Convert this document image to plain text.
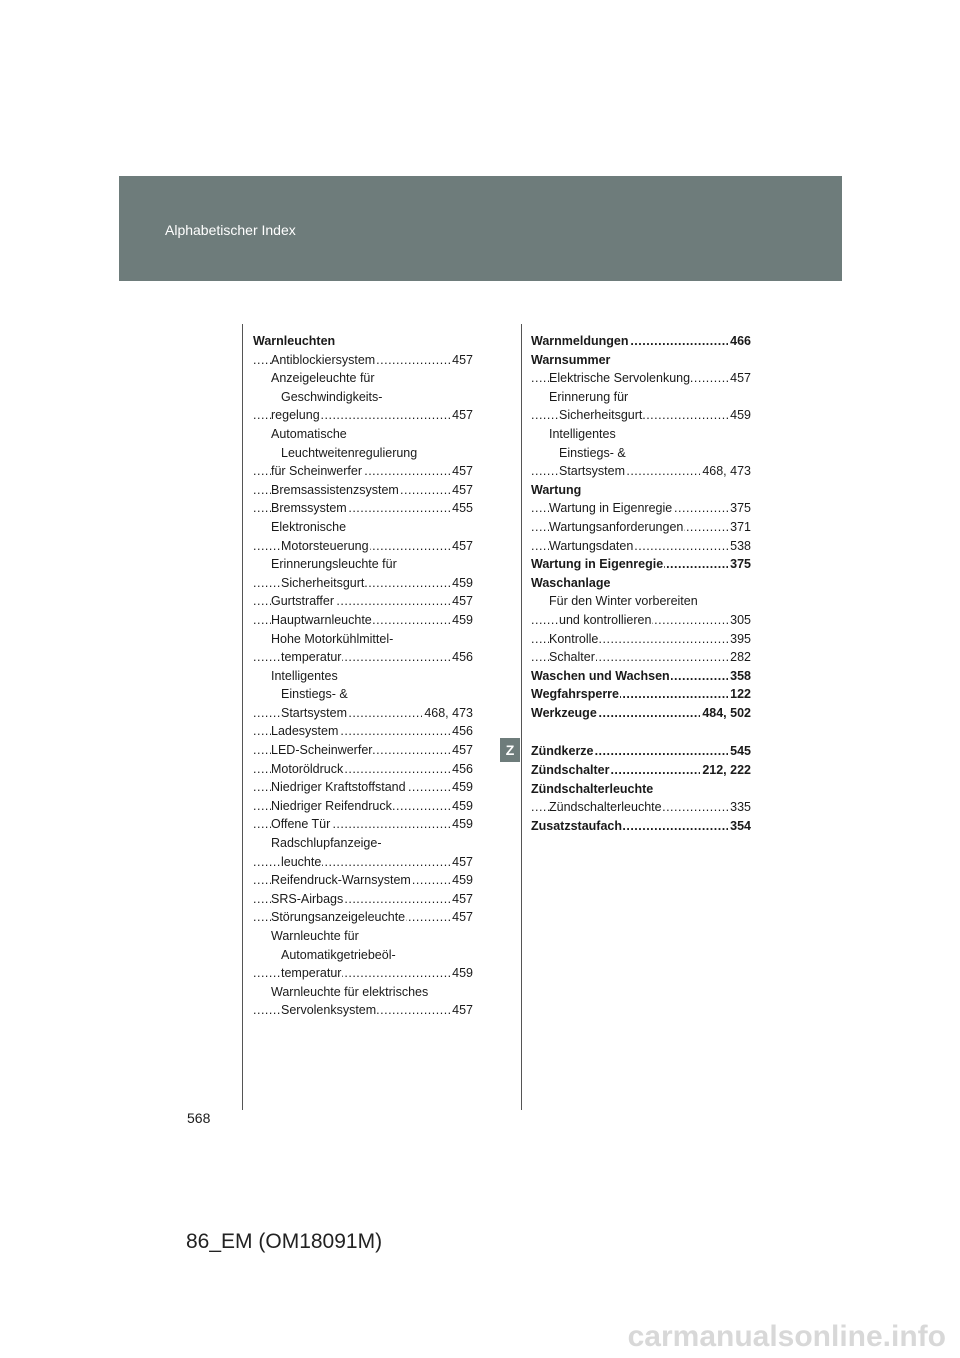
Alphabetischer Index
Warnleuchten
Antiblockiersystem	457
.....
Anzeigeleuchte für
Geschwindigkeits-
regelung	457
.....
Automatische
Leuchtweitenregulierung
für Scheinwerfer	457
.....
Bremsassistenzsystem	457
.....
Bremssystem	455
.....
Elektronische
Motorsteuerung	457
.....
Erinnerungsleuchte für
Sicherheitsgurt	459
.....
Gurtstraffer	457
.....
Hauptwarnleuchte	459
.....
Hohe Motorkühlmittel-
temperatur	456
.....
Intelligentes
Einstiegs- &
Startsystem	468, 473
.....
Ladesystem	456
.....
LED-Scheinwerfer	457
.....
Motoröldruck	456
.....
Niedriger Kraftstoffstand	459
.....
Niedriger Reifendruck	459
.....
Offene Tür	459
.....
Radschlupfanzeige-
leuchte	457
.....
Reifendruck-Warnsystem	459
.....
SRS-Airbags	457
.....
Störungsanzeigeleuchte	457
.....
Warnleuchte für
Automatikgetriebeöl-
temperatur	459
.....
Warnleuchte für elektrisches
Servolenksystem	457
.....
Warnmeldungen	466
.....
Warnsummer
Elektrische Servolenkung	457
.....
Erinnerung für
Sicherheitsgurt	459
.....
Intelligentes
Einstiegs- &
Startsystem	468, 473
.....
Wartung
Wartung in Eigenregie	375
.....
Wartungsanforderungen	371
.....
Wartungsdaten	538
.....
Wartung in Eigenregie	375
.....
Waschanlage
Für den Winter vorbereiten
und kontrollieren	305
.....
Kontrolle	395
.....
Schalter	282
.....
Waschen und Wachsen	358
.....
Wegfahrsperre	122
.....
Werkzeuge	484, 502
.....
Zündkerze	545
.....
Zündschalter	212, 222
.....
Zündschalterleuchte
Zündschalterleuchte	335
.....
Zusatzstaufach	354
.....
Z
568
86_EM (OM18091M)
carmanualsonline.info
